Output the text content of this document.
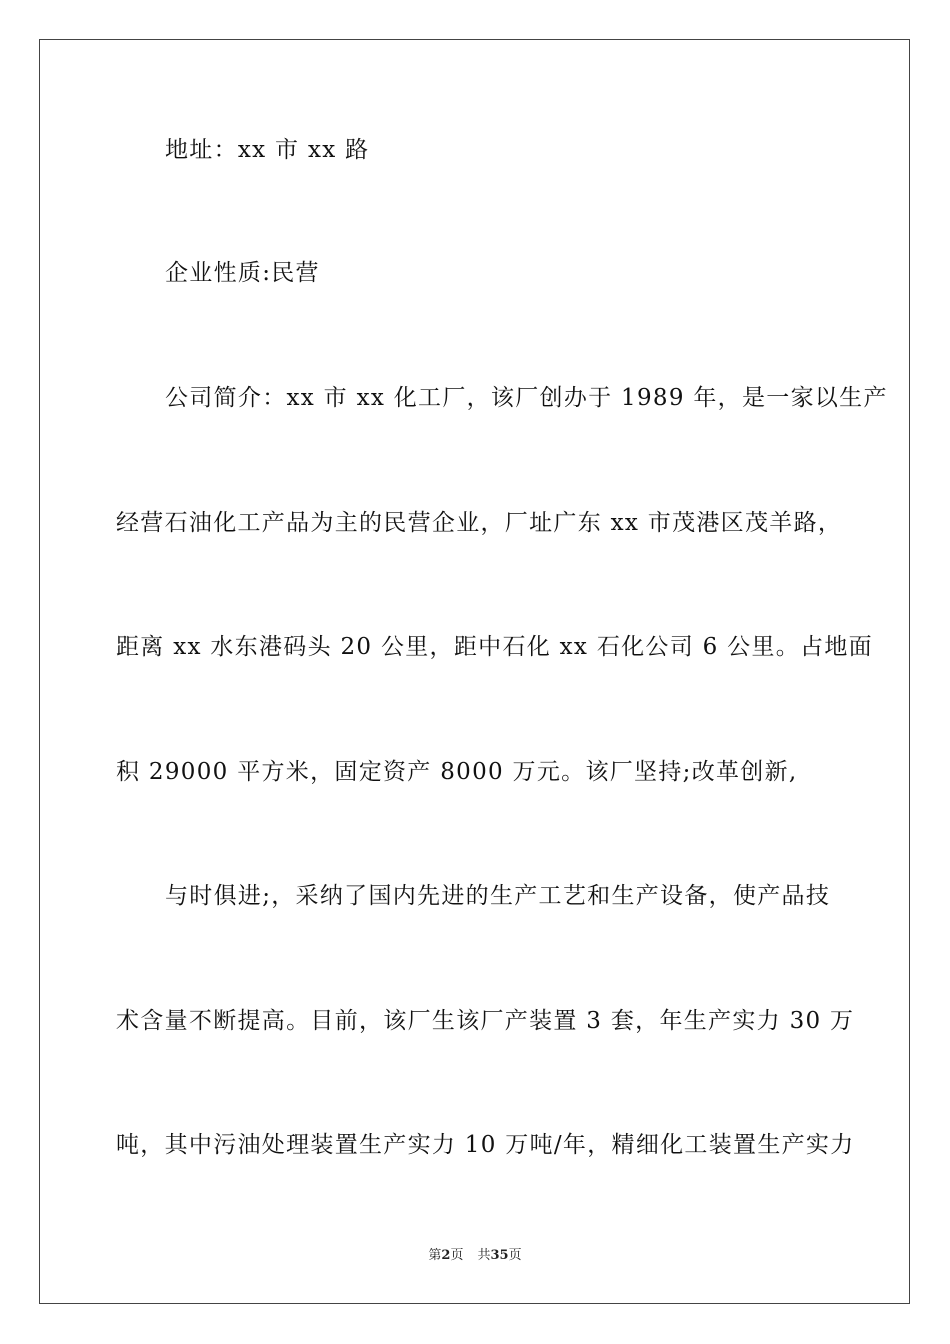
地址：xx 市 xx 路
企业性质:民营
公司简介：xx 市 xx 化工厂，该厂创办于 1989 年，是一家以生产
经营石油化工产品为主的民营企业，厂址广东 xx 市茂港区茂羊路，
距离 xx 水东港码头 20 公里，距中石化 xx 石化公司 6 公里。占地面
积 29000 平方米，固定资产 8000 万元。该厂坚持;改革创新,
与时俱进;，采纳了国内先进的生产工艺和生产设备，使产品技
术含量不断提高。目前，该厂生该厂产装置 3 套，年生产实力 30 万
吨，其中污油处理装置生产实力 10 万吨/年，精细化工装置生产实力
第2页 共35页
